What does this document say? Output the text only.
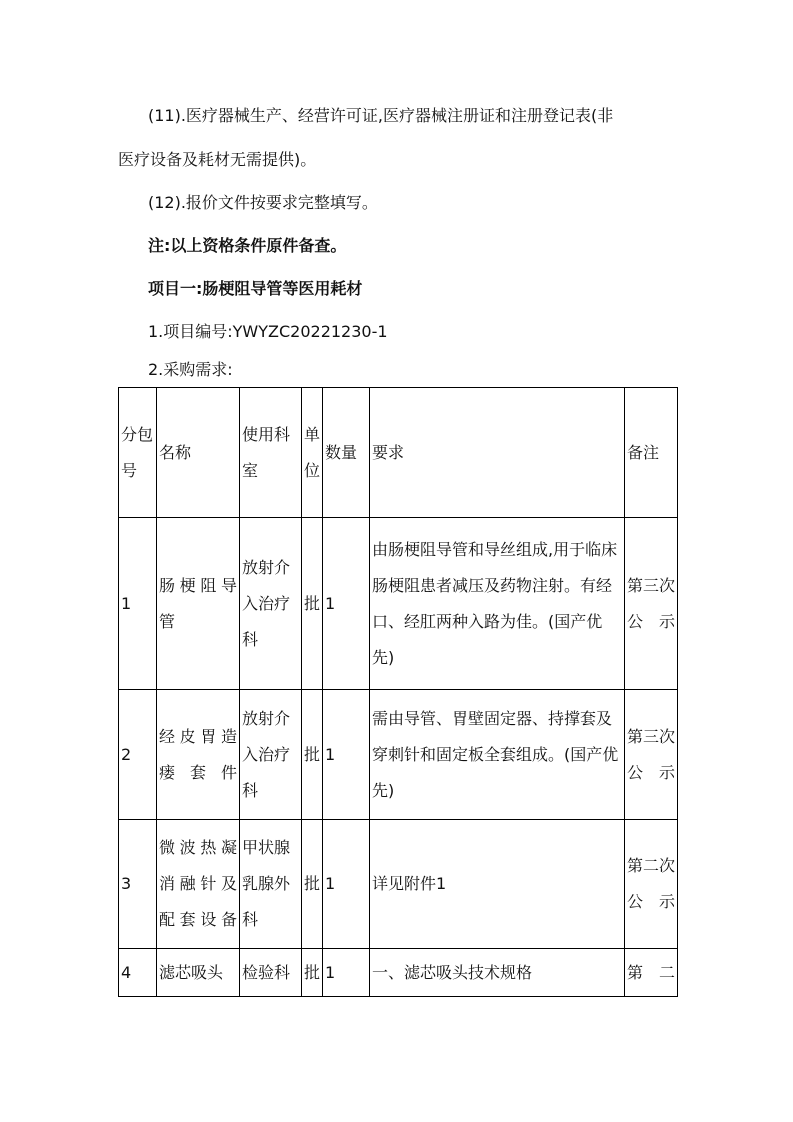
(11).医疗器械生产、经营许可证,医疗器械注册证和注册登记表(非

医疗设备及耗材无需提供)。

(12).报价文件按要求完整填写。

注:以上资格条件原件备查。

项目一:肠梗阻导管等医用耗材

1.项目编号:YWYZC20221230-1

2.采购需求:

分包号	名称	使用科室	单位	数量	要求	备注
1	肠梗阻导管	放射介入治疗科	批	1	由肠梗阻导管和导丝组成,用于临床肠梗阻患者减压及药物注射。有经口、经肛两种入路为佳。(国产优先)	第三次公示
2	经皮胃造瘘套件	放射介入治疗科	批	1	需由导管、胃壁固定器、持撑套及穿刺针和固定板全套组成。(国产优先)	第三次公示
3	微波热凝消融针及配套设备	甲状腺乳腺外科	批	1	详见附件1	第二次公示
4	滤芯吸头	检验科	批	1	一、滤芯吸头技术规格	第二
